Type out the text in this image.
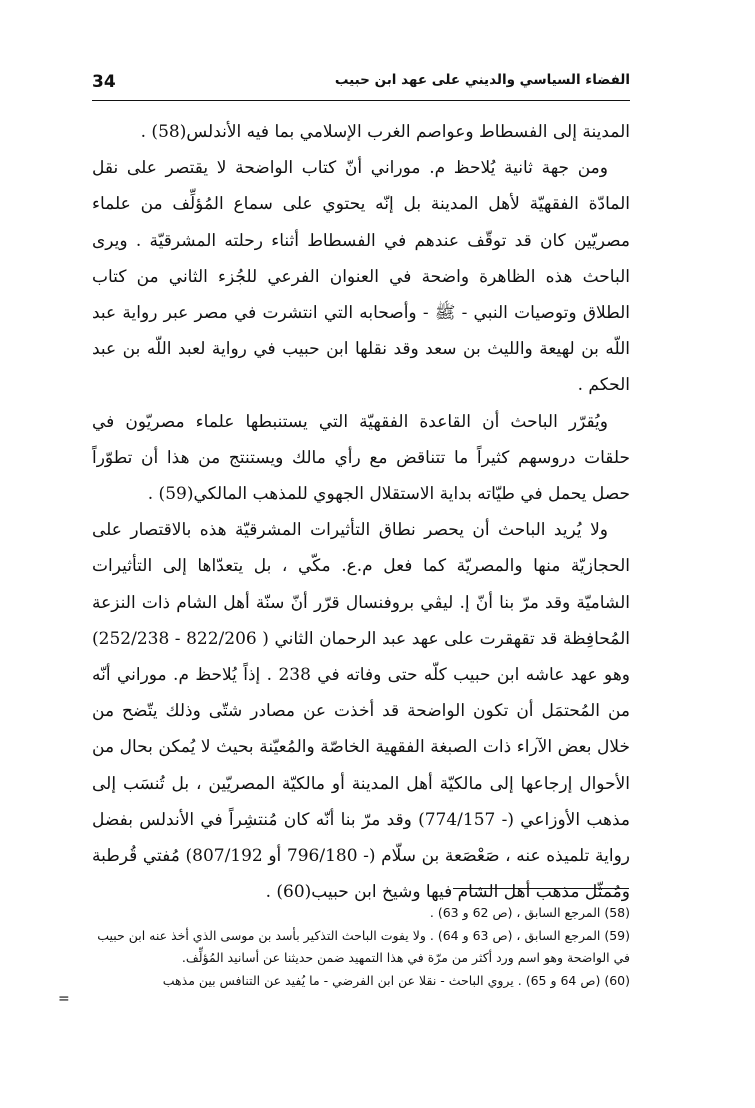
34	الفضاء السياسي والديني على عهد ابن حبيب

المدينة إلى الفسطاط وعواصم الغرب الإسلامي بما فيه الأندلس(58) .

ومن جهة ثانية يُلاحظ م. موراني أنّ كتاب الواضحة لا يقتصر على نقل المادّة الفقهيّة لأهل المدينة بل إنّه يحتوي على سماع المُؤلِّف من علماء مصريّين كان قد توقّف عندهم في الفسطاط أثناء رحلته المشرقيّة . ويرى الباحث هذه الظاهرة واضحة في العنوان الفرعي للجُزء الثاني من كتاب الطلاق وتوصيات النبي - ﷺ - وأصحابه التي انتشرت في مصر عبر رواية عبد اللّه بن لهيعة والليث بن سعد وقد نقلها ابن حبيب في رواية لعبد اللّه بن عبد الحكم .

ويُقرّر الباحث أن القاعدة الفقهيّة التي يستنبطها علماء مصريّون في حلقات دروسهم كثيراً ما تتناقض مع رأي مالك ويستنتج من هذا أن تطوّراً حصل يحمل في طيّاته بداية الاستقلال الجهوي للمذهب المالكي(59) .

ولا يُريد الباحث أن يحصر نطاق التأثيرات المشرقيّة هذه بالاقتصار على الحجازيّة منها والمصريّة كما فعل م.ع. مكّي ، بل يتعدّاها إلى التأثيرات الشاميّة وقد مرّ بنا أنّ إ. ليڤي بروفنسال قرّر أنّ سنّة أهل الشام ذات النزعة المُحافِظة قد تقهقرت على عهد عبد الرحمان الثاني ( 822/206 - 252/238) وهو عهد عاشه ابن حبيب كلّه حتى وفاته في 238 . إذاً يُلاحظ م. موراني أنّه من المُحتمَل أن تكون الواضحة قد أخذت عن مصادر شتّى وذلك يتّضح من خلال بعض الآراء ذات الصبغة الفقهية الخاصّة والمُعيّنة بحيث لا يُمكن بحال من الأحوال إرجاعها إلى مالكيّة أهل المدينة أو مالكيّة المصريّين ، بل تُنسَب إلى مذهب الأوزاعي (- 774/157) وقد مرّ بنا أنّه كان مُنتشِراً في الأندلس بفضل رواية تلميذه عنه ، صَعْصَعة بن سلّام (- 796/180 أو 807/192) مُفتي قُرطبة ومُمثّل مذهب أهل الشام فيها وشيخ ابن حبيب(60) .

(58) المرجع السابق ، (ص 62 و 63) .

(59) المرجع السابق ، (ص 63 و 64) . ولا يفوت الباحث التذكير بأسد بن موسى الذي أخذ عنه ابن حبيب في الواضحة وهو اسم ورد أكثر من مرّة في هذا التمهيد ضمن حديثنا عن أسانيد المُؤلِّف.

(60) (ص 64 و 65) . يروي الباحث - نقلا عن ابن الفرضي - ما يُفيد عن التنافس بين مذهب

=
